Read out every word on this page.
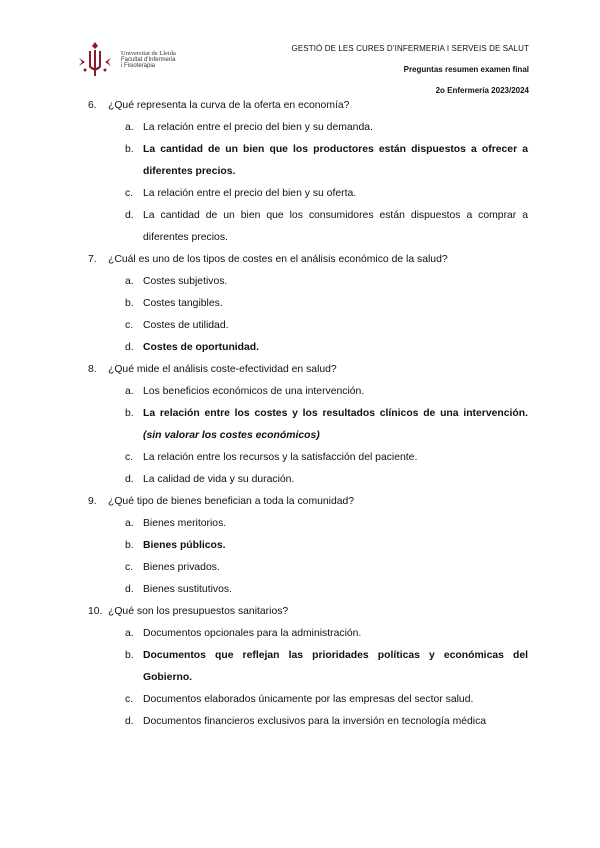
Universitat de Lleida
Facultat d'Infermeria
i Fisioteràpia
GESTIÓ DE LES CURES D’INFERMERIA I SERVEIS DE SALUT
Preguntas resumen examen final
2o Enfermería 2023/2024

6. ¿Qué representa la curva de la oferta en economía?

a. La relación entre el precio del bien y su demanda.
b. La cantidad de un bien que los productores están dispuestos a ofrecer a diferentes precios.
c. La relación entre el precio del bien y su oferta.
d. La cantidad de un bien que los consumidores están dispuestos a comprar a diferentes precios.

7. ¿Cuál es uno de los tipos de costes en el análisis económico de la salud?

a. Costes subjetivos.
b. Costes tangibles.
c. Costes de utilidad.
d. Costes de oportunidad.

8. ¿Qué mide el análisis coste-efectividad en salud?

a. Los beneficios económicos de una intervención.
b. La relación entre los costes y los resultados clínicos de una intervención. (sin valorar los costes económicos)
c. La relación entre los recursos y la satisfacción del paciente.
d. La calidad de vida y su duración.

9. ¿Qué tipo de bienes benefician a toda la comunidad?

a. Bienes meritorios.
b. Bienes públicos.
c. Bienes privados.
d. Bienes sustitutivos.

10. ¿Qué son los presupuestos sanitarios?

a. Documentos opcionales para la administración.
b. Documentos que reflejan las prioridades políticas y económicas del Gobierno.
c. Documentos elaborados únicamente por las empresas del sector salud.
d. Documentos financieros exclusivos para la inversión en tecnología médica
